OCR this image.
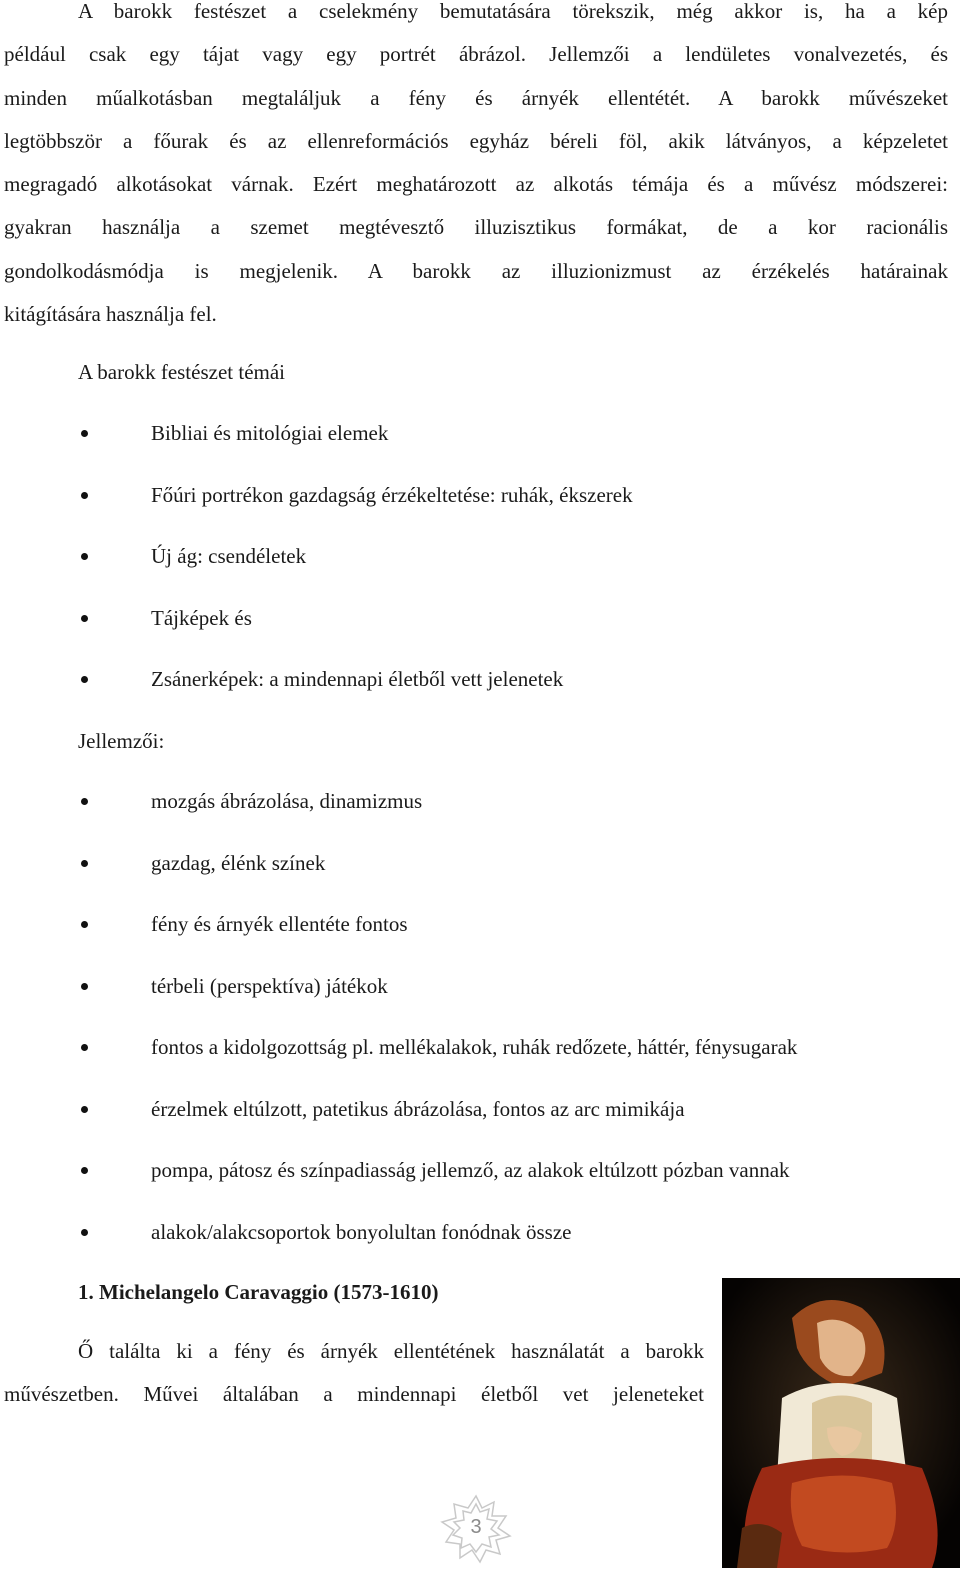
A barokk festészet a cselekmény bemutatására törekszik, még akkor is, ha a kép
például csak egy tájat vagy egy portrét ábrázol. Jellemzői a lendületes vonalvezetés, és
minden műalkotásban megtaláljuk a fény és árnyék ellentétét. A barokk művészeket
legtöbbször a főurak és az ellenreformációs egyház béreli föl, akik látványos, a képzeletet
megragadó alkotásokat várnak. Ezért meghatározott az alkotás témája és a művész módszerei:
gyakran használja a szemet megtévesztő illuzisztikus formákat, de a kor racionális
gondolkodásmódja is megjelenik. A barokk az illuzionizmust az érzékelés határainak
kitágítására használja fel.

A barokk festészet témái

Bibliai és mitológiai elemek
Főúri portrékon gazdagság érzékeltetése: ruhák, ékszerek
Új ág: csendéletek
Tájképek és
Zsánerképek: a mindennapi életből vett jelenetek

Jellemzői:

mozgás ábrázolása, dinamizmus
gazdag, élénk színek
fény és árnyék ellentéte fontos
térbeli (perspektíva) játékok
fontos a kidolgozottság pl. mellékalakok, ruhák redőzete, háttér, fénysugarak
érzelmek eltúlzott, patetikus ábrázolása, fontos az arc mimikája
pompa, pátosz és színpadiasság jellemző, az alakok eltúlzott pózban vannak
alakok/alakcsoportok bonyolultan fonódnak össze

1. Michelangelo Caravaggio (1573-1610)

Ő találta ki a fény és árnyék ellentétének használatát a barokk
művészetben. Művei általában a mindennapi életből vet jeleneteket
3
